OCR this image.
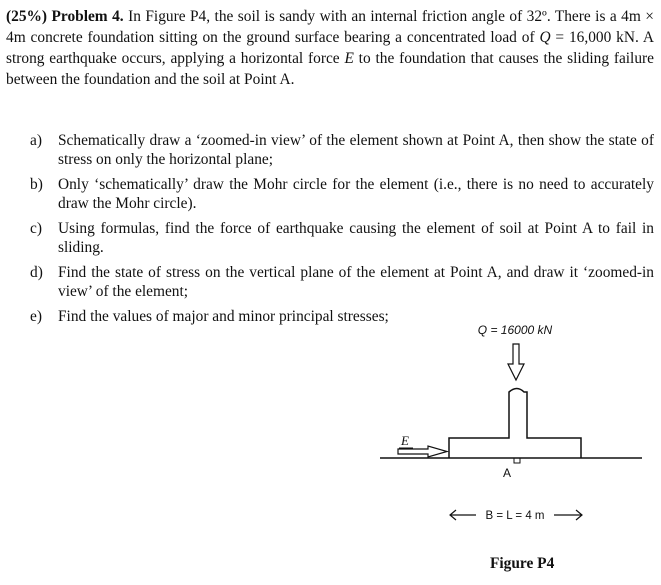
(25%) Problem 4. In Figure P4, the soil is sandy with an internal friction angle of 32º. There is a 4m × 4m concrete foundation sitting on the ground surface bearing a concentrated load of Q = 16,000 kN. A strong earthquake occurs, applying a horizontal force E to the foundation that causes the sliding failure between the foundation and the soil at Point A.

a) Schematically draw a ‘zoomed-in view’ of the element shown at Point A, then show the state of stress on only the horizontal plane;
b) Only ‘schematically’ draw the Mohr circle for the element (i.e., there is no need to accurately draw the Mohr circle).
c) Using formulas, find the force of earthquake causing the element of soil at Point A to fail in sliding.
d) Find the state of stress on the vertical plane of the element at Point A, and draw it ‘zoomed-in view’ of the element;
e) Find the values of major and minor principal stresses;
Q = 16000 kN
E
A
B = L = 4 m
Figure P4
